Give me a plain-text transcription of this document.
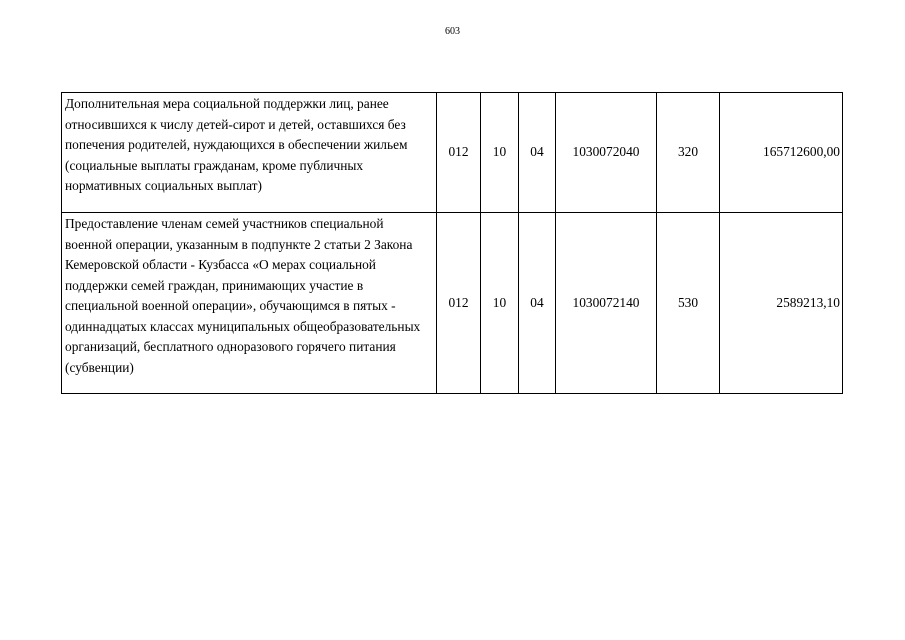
603
Дополнительная мера социальной поддержки лиц, ранее относившихся к числу детей-сирот и детей, оставшихся без попечения родителей, нуждающихся в обеспечении жильем (социальные выплаты гражданам, кроме публичных нормативных социальных выплат)	012	10	04	1030072040	320	165712600,00
Предоставление членам семей участников специальной военной операции, указанным в подпункте 2 статьи 2 Закона Кемеровской области - Кузбасса «О мерах социальной поддержки семей граждан, принимающих участие в специальной военной операции», обучающимся в пятых - одиннадцатых классах муниципальных общеобразовательных организаций, бесплатного одноразового горячего питания (субвенции)	012	10	04	1030072140	530	2589213,10
